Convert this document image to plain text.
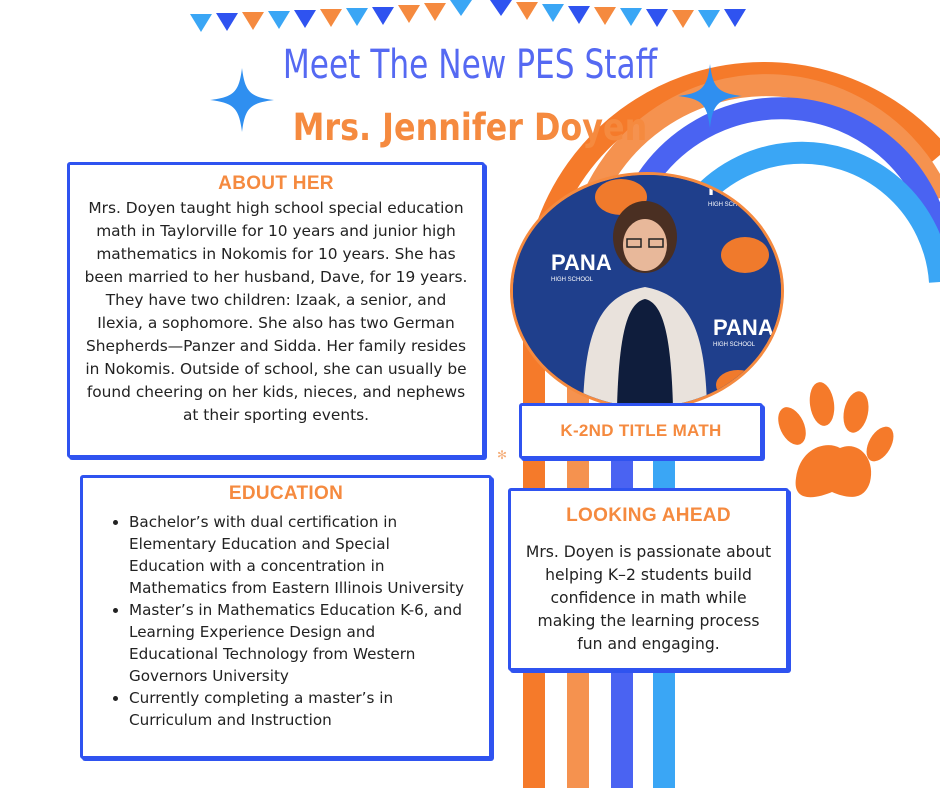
Meet The New PES Staff
Mrs. Jennifer Doyen
ABOUT HER
Mrs. Doyen taught high school special education math in Taylorville for 10 years and junior high mathematics in Nokomis for 10 years. She has been married to her husband, Dave, for 19 years. They have two children: Izaak, a senior, and Ilexia, a sophomore. She also has two German Shepherds—Panzer and Sidda. Her family resides in Nokomis. Outside of school, she can usually be found cheering on her kids, nieces, and nephews at their sporting events.
PANA
HIGH SCHOOL
PANA
HIGH SCHOOL
PANA
HIGH SCHOOL
K-2ND TITLE MATH
✻
EDUCATION
• Bachelor’s with dual certification in Elementary Education and Special Education with a concentration in Mathematics from Eastern Illinois University
• Master’s in Mathematics Education K-6, and Learning Experience Design and Educational Technology from Western Governors University
• Currently completing a master’s in Curriculum and Instruction
LOOKING AHEAD
Mrs. Doyen is passionate about helping K–2 students build confidence in math while making the learning process fun and engaging.
